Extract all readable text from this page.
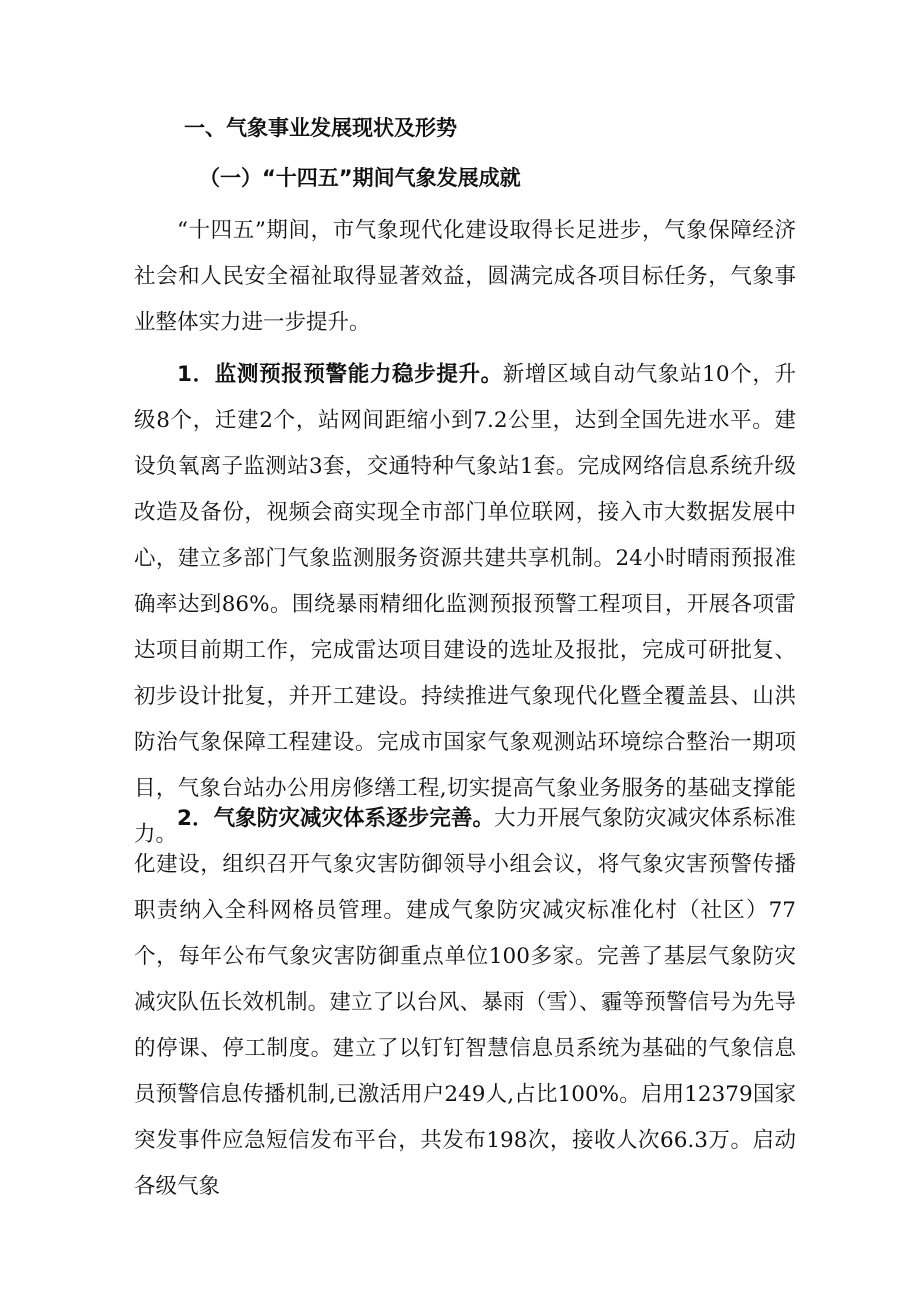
一、气象事业发展现状及形势
（一）“十四五”期间气象发展成就

“十四五”期间，市气象现代化建设取得长足进步，气象保障经济社会和人民安全福祉取得显著效益，圆满完成各项目标任务，气象事业整体实力进一步提升。

1．监测预报预警能力稳步提升。新增区域自动气象站10个，升级8个，迁建2个，站网间距缩小到7.2公里，达到全国先进水平。建设负氧离子监测站3套，交通特种气象站1套。完成网络信息系统升级改造及备份，视频会商实现全市部门单位联网，接入市大数据发展中心，建立多部门气象监测服务资源共建共享机制。24小时晴雨预报准确率达到86%。围绕暴雨精细化监测预报预警工程项目，开展各项雷达项目前期工作，完成雷达项目建设的选址及报批，完成可研批复、初步设计批复，并开工建设。持续推进气象现代化暨全覆盖县、山洪防治气象保障工程建设。完成市国家气象观测站环境综合整治一期项目，气象台站办公用房修缮工程,切实提高气象业务服务的基础支撑能力。

2．气象防灾减灾体系逐步完善。大力开展气象防灾减灾体系标准化建设，组织召开气象灾害防御领导小组会议，将气象灾害预警传播职责纳入全科网格员管理。建成气象防灾减灾标准化村（社区）77个，每年公布气象灾害防御重点单位100多家。完善了基层气象防灾减灾队伍长效机制。建立了以台风、暴雨（雪）、霾等预警信号为先导的停课、停工制度。建立了以钉钉智慧信息员系统为基础的气象信息员预警信息传播机制,已激活用户249人,占比100%。启用12379国家突发事件应急短信发布平台，共发布198次，接收人次66.3万。启动各级气象
